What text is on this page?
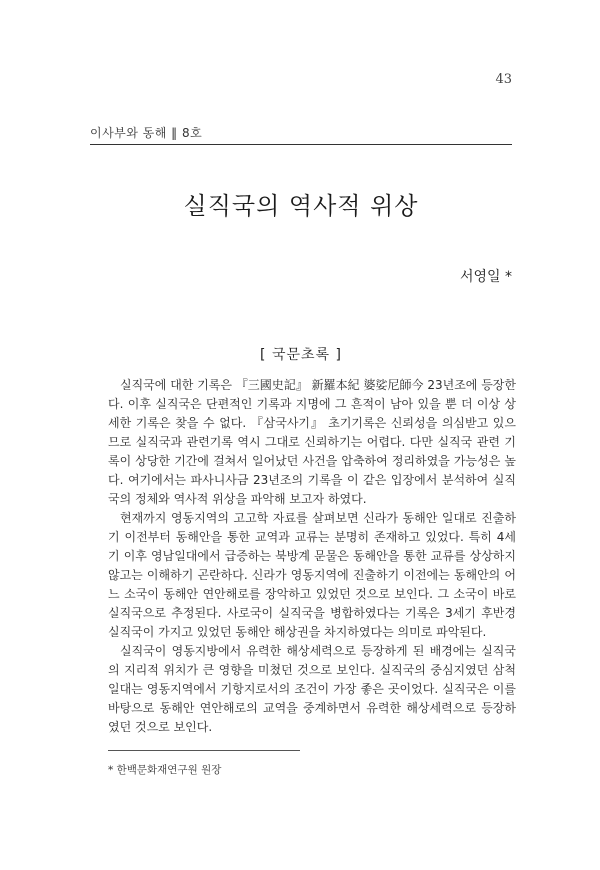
43
이사부와 동해 ‖ 8호
실직국의 역사적 위상
서영일 *
[ 국문초록 ]

실직국에 대한 기록은 『三國史記』 新羅本紀 婆娑尼師今 23년조에 등장한다. 이후 실직국은 단편적인 기록과 지명에 그 흔적이 남아 있을 뿐 더 이상 상세한 기록은 찾을 수 없다. 『삼국사기』 초기기록은 신뢰성을 의심받고 있으므로 실직국과 관련기록 역시 그대로 신뢰하기는 어렵다. 다만 실직국 관련 기록이 상당한 기간에 걸쳐서 일어났던 사건을 압축하여 정리하였을 가능성은 높다. 여기에서는 파사니사금 23년조의 기록을 이 같은 입장에서 분석하여 실직국의 정체와 역사적 위상을 파악해 보고자 하였다.

현재까지 영동지역의 고고학 자료를 살펴보면 신라가 동해안 일대로 진출하기 이전부터 동해안을 통한 교역과 교류는 분명히 존재하고 있었다. 특히 4세기 이후 영남일대에서 급증하는 북방계 문물은 동해안을 통한 교류를 상상하지 않고는 이해하기 곤란하다. 신라가 영동지역에 진출하기 이전에는 동해안의 어느 소국이 동해안 연안해로를 장악하고 있었던 것으로 보인다. 그 소국이 바로 실직국으로 추정된다. 사로국이 실직국을 병합하였다는 기록은 3세기 후반경 실직국이 가지고 있었던 동해안 해상권을 차지하였다는 의미로 파악된다.

실직국이 영동지방에서 유력한 해상세력으로 등장하게 된 배경에는 실직국의 지리적 위치가 큰 영향을 미쳤던 것으로 보인다. 실직국의 중심지였던 삼척일대는 영동지역에서 기항지로서의 조건이 가장 좋은 곳이었다. 실직국은 이를 바탕으로 동해안 연안해로의 교역을 중계하면서 유력한 해상세력으로 등장하였던 것으로 보인다.

* 한백문화재연구원 원장
